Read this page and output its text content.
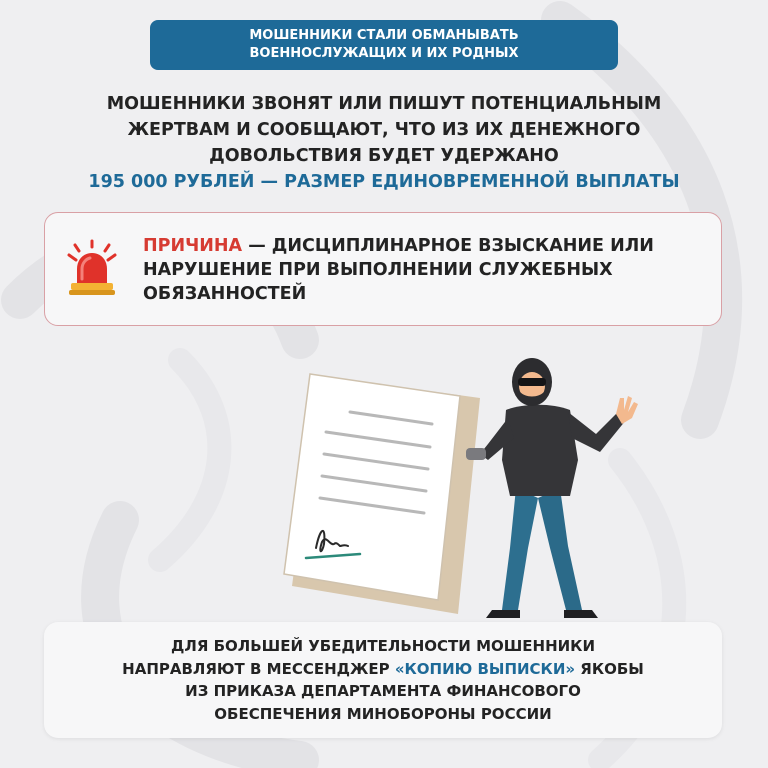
МОШЕННИКИ СТАЛИ ОБМАНЫВАТЬ
ВОЕННОСЛУЖАЩИХ И ИХ РОДНЫХ
МОШЕННИКИ ЗВОНЯТ ИЛИ ПИШУТ ПОТЕНЦИАЛЬНЫМ
ЖЕРТВАМ И СООБЩАЮТ, ЧТО ИЗ ИХ ДЕНЕЖНОГО
ДОВОЛЬСТВИЯ БУДЕТ УДЕРЖАНО
195 000 РУБЛЕЙ — РАЗМЕР ЕДИНОВРЕМЕННОЙ ВЫПЛАТЫ
ПРИЧИНА — ДИСЦИПЛИНАРНОЕ ВЗЫСКАНИЕ ИЛИ
НАРУШЕНИЕ ПРИ ВЫПОЛНЕНИИ СЛУЖЕБНЫХ
ОБЯЗАННОСТЕЙ
ДЛЯ БОЛЬШЕЙ УБЕДИТЕЛЬНОСТИ МОШЕННИКИ
НАПРАВЛЯЮТ В МЕССЕНДЖЕР «КОПИЮ ВЫПИСКИ» ЯКОБЫ
ИЗ ПРИКАЗА ДЕПАРТАМЕНТА ФИНАНСОВОГО
ОБЕСПЕЧЕНИЯ МИНОБОРОНЫ РОССИИ
